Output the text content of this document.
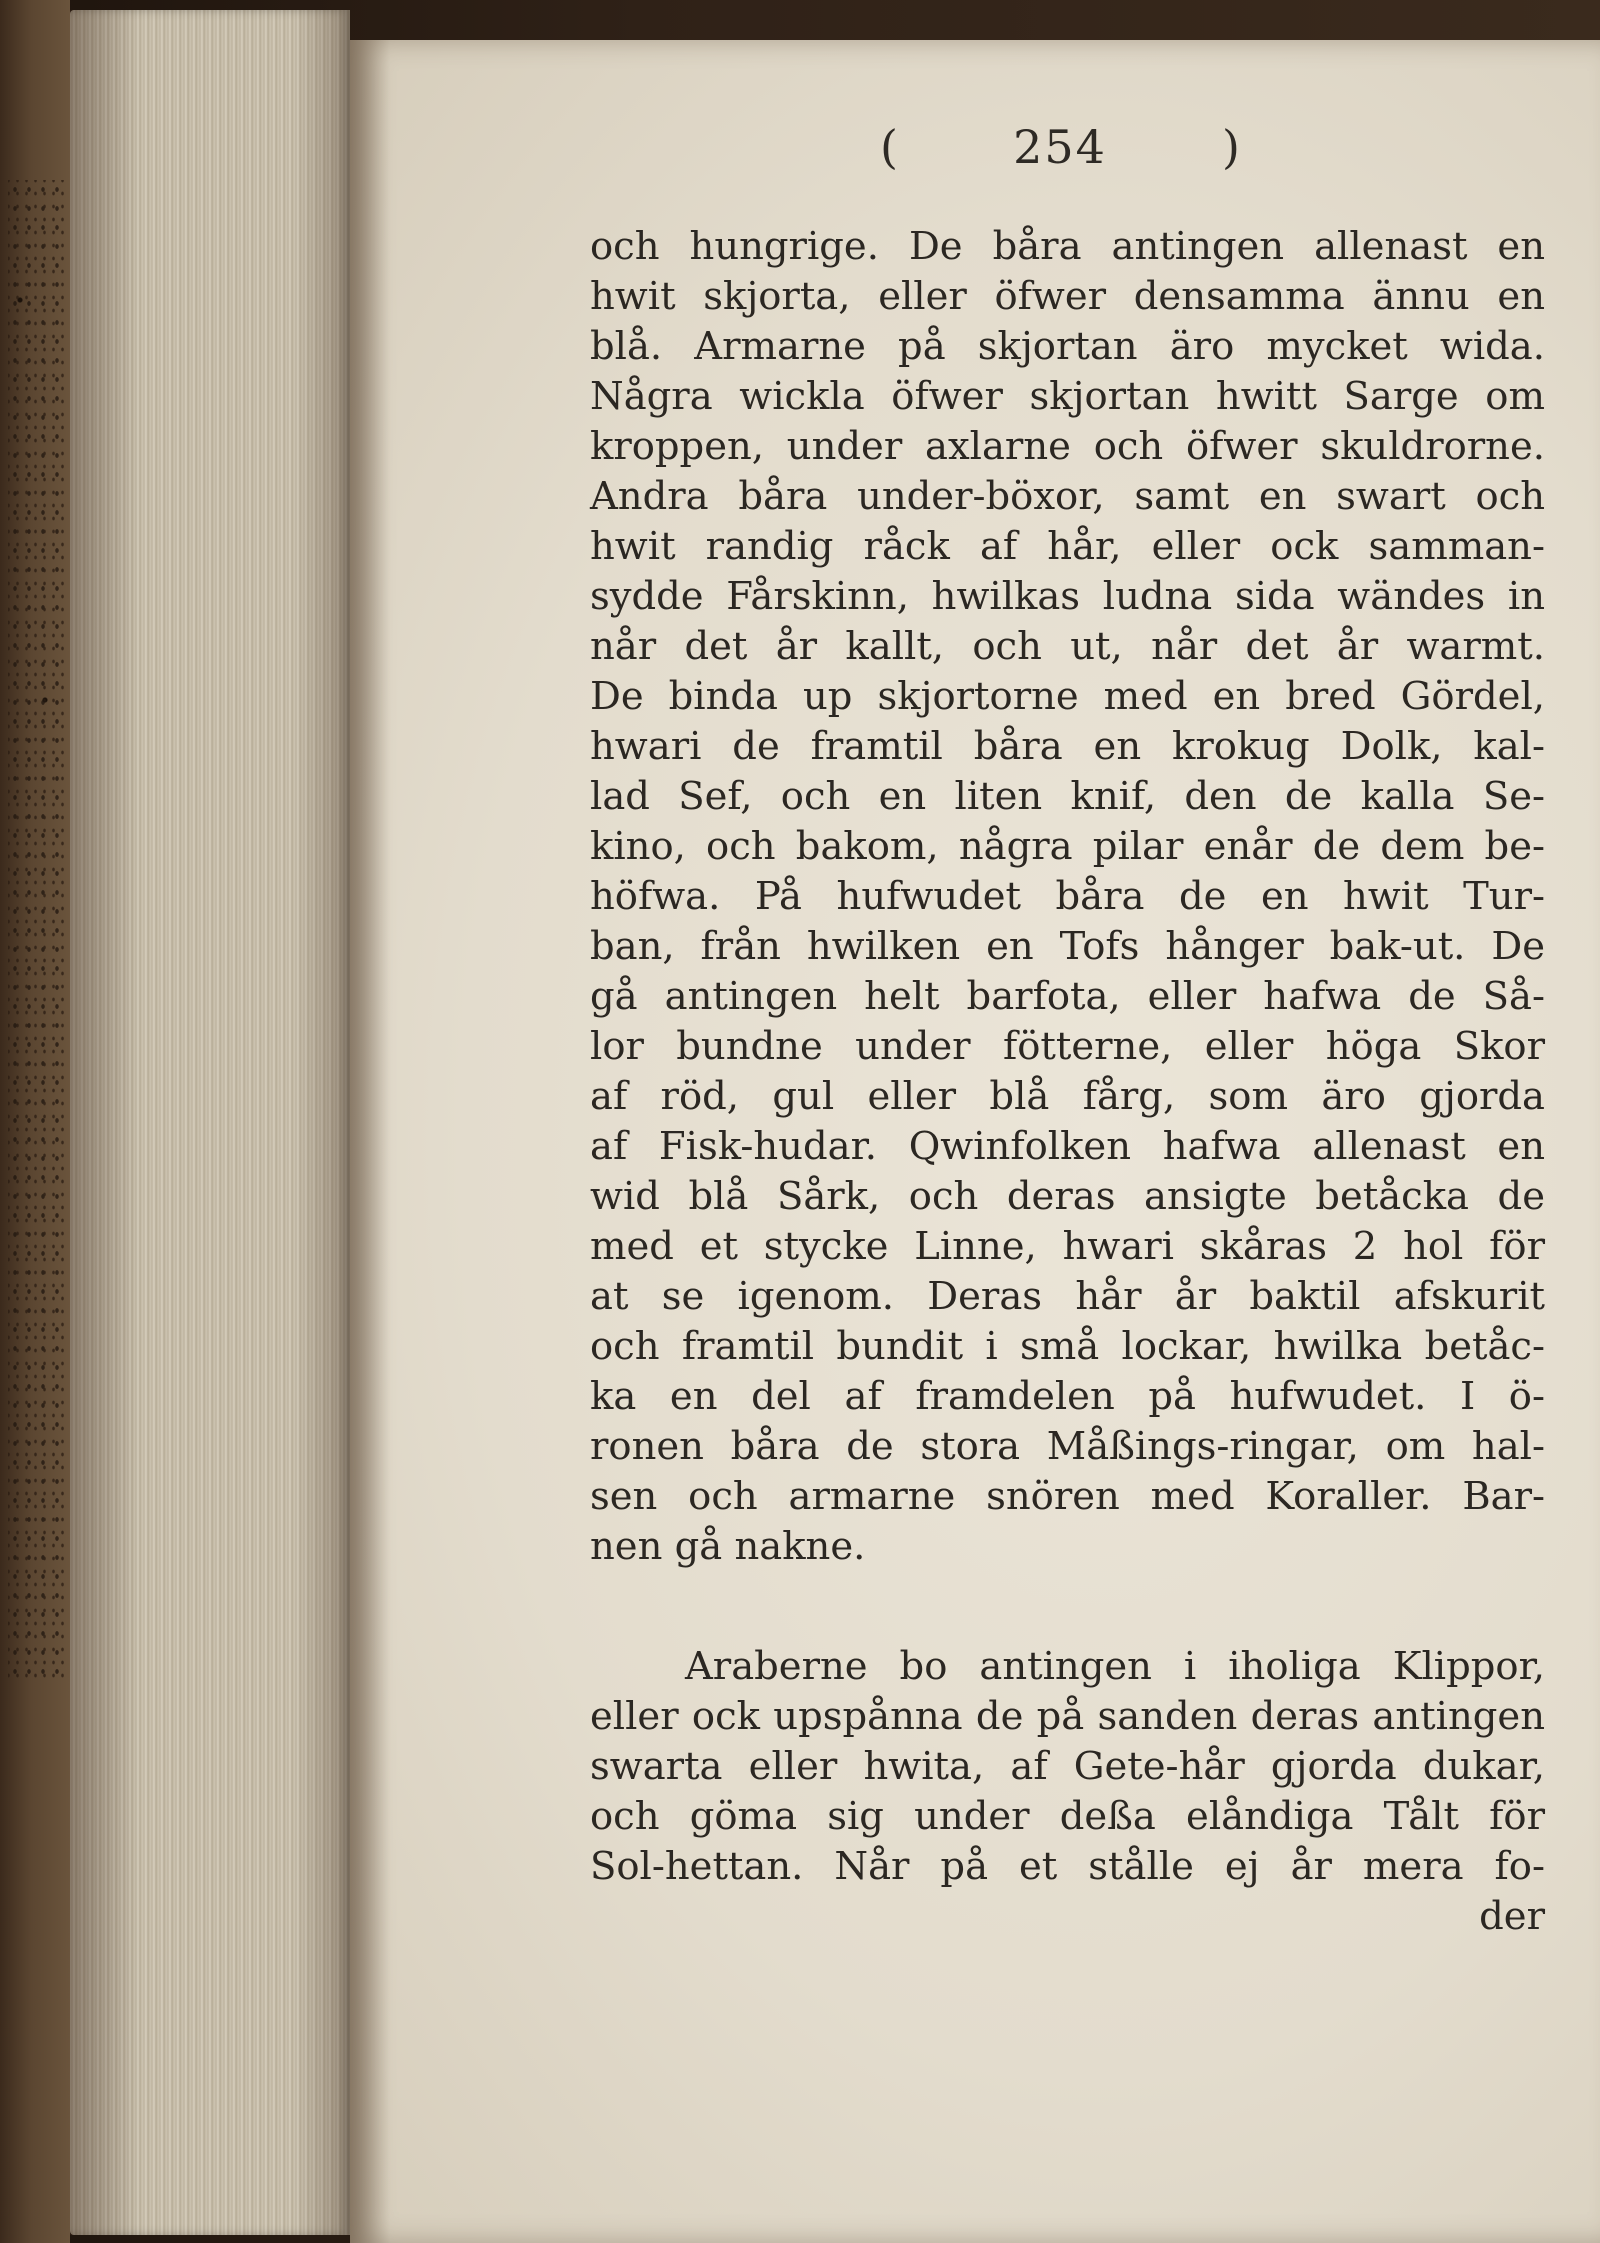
(	254	)
och hungrige. De båra antingen allenast en
hwit skjorta, eller öfwer densamma ännu en
blå. Armarne på skjortan äro mycket wida.
Några wickla öfwer skjortan hwitt Sarge om
kroppen, under axlarne och öfwer skuldrorne.
Andra båra under-böxor, samt en swart och
hwit randig råck af hår, eller ock samman-
sydde Fårskinn, hwilkas ludna sida wändes in
når det år kallt, och ut, når det år warmt.
De binda up skjortorne med en bred Gördel,
hwari de framtil båra en krokug Dolk, kal-
lad Sef, och en liten knif, den de kalla Se-
kino, och bakom, några pilar enår de dem be-
höfwa. På hufwudet båra de en hwit Tur-
ban, från hwilken en Tofs hånger bak-ut. De
gå antingen helt barfota, eller hafwa de Så-
lor bundne under fötterne, eller höga Skor
af röd, gul eller blå fårg, som äro gjorda
af Fisk-hudar. Qwinfolken hafwa allenast en
wid blå Sårk, och deras ansigte betåcka de
med et stycke Linne, hwari skåras 2 hol för
at se igenom. Deras hår år baktil afskurit
och framtil bundit i små lockar, hwilka betåc-
ka en del af framdelen på hufwudet. I ö-
ronen båra de stora Måßings-ringar, om hal-
sen och armarne snören med Koraller. Bar-
nen gå nakne.
Araberne bo antingen i iholiga Klippor,
eller ock upspånna de på sanden deras antingen
swarta eller hwita, af Gete-hår gjorda dukar,
och göma sig under deßa elåndiga Tålt för
Sol-hettan. Når på et stålle ej år mera fo-
der
